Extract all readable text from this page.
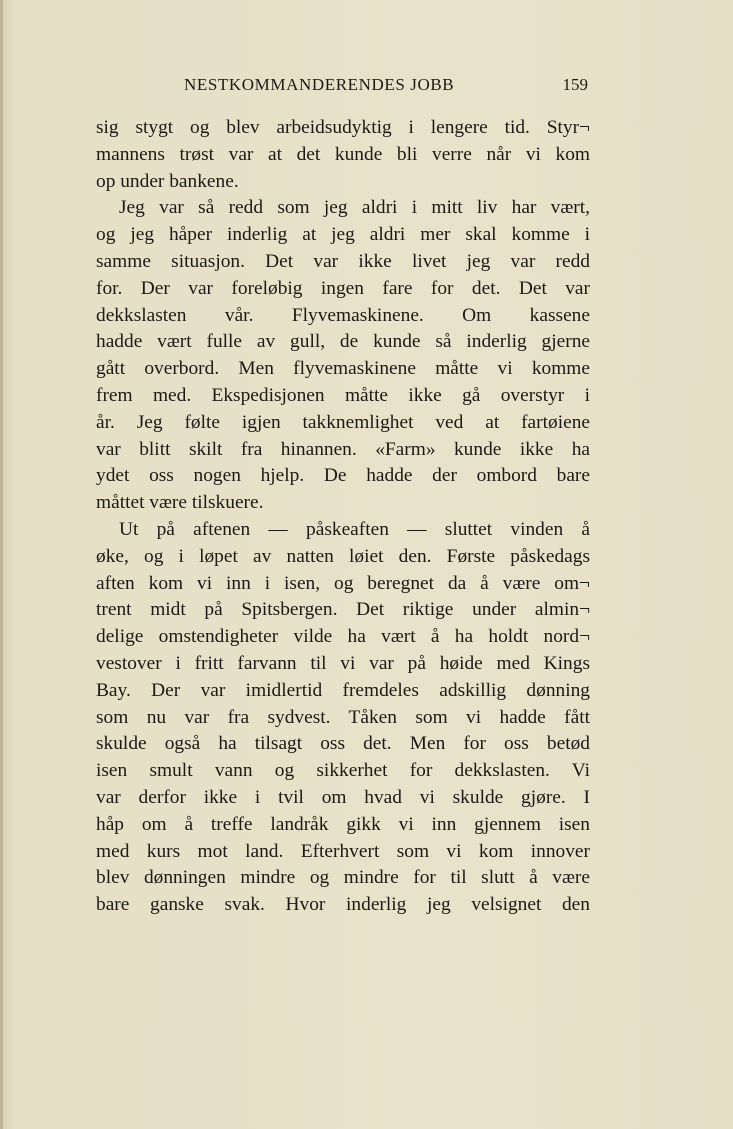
NESTKOMMANDERENDES JOBB	159
sig stygt og blev arbeidsudyktig i lengere tid. Styr¬
mannens trøst var at det kunde bli verre når vi kom
op under bankene.
Jeg var så redd som jeg aldri i mitt liv har vært,
og jeg håper inderlig at jeg aldri mer skal komme i
samme situasjon. Det var ikke livet jeg var redd
for. Der var foreløbig ingen fare for det. Det var
dekkslasten vår. Flyvemaskinene. Om kassene
hadde vært fulle av gull, de kunde så inderlig gjerne
gått overbord. Men flyvemaskinene måtte vi komme
frem med. Ekspedisjonen måtte ikke gå overstyr i
år. Jeg følte igjen takknemlighet ved at fartøiene
var blitt skilt fra hinannen. «Farm» kunde ikke ha
ydet oss nogen hjelp. De hadde der ombord bare
måttet være tilskuere.
Ut på aftenen — påskeaften — sluttet vinden å
øke, og i løpet av natten løiet den. Første påskedags
aften kom vi inn i isen, og beregnet da å være om¬
trent midt på Spitsbergen. Det riktige under almin¬
delige omstendigheter vilde ha vært å ha holdt nord¬
vestover i fritt farvann til vi var på høide med Kings
Bay. Der var imidlertid fremdeles adskillig dønning
som nu var fra sydvest. Tåken som vi hadde fått
skulde også ha tilsagt oss det. Men for oss betød
isen smult vann og sikkerhet for dekkslasten. Vi
var derfor ikke i tvil om hvad vi skulde gjøre. I
håp om å treffe landråk gikk vi inn gjennem isen
med kurs mot land. Efterhvert som vi kom innover
blev dønningen mindre og mindre for til slutt å være
bare ganske svak. Hvor inderlig jeg velsignet den
